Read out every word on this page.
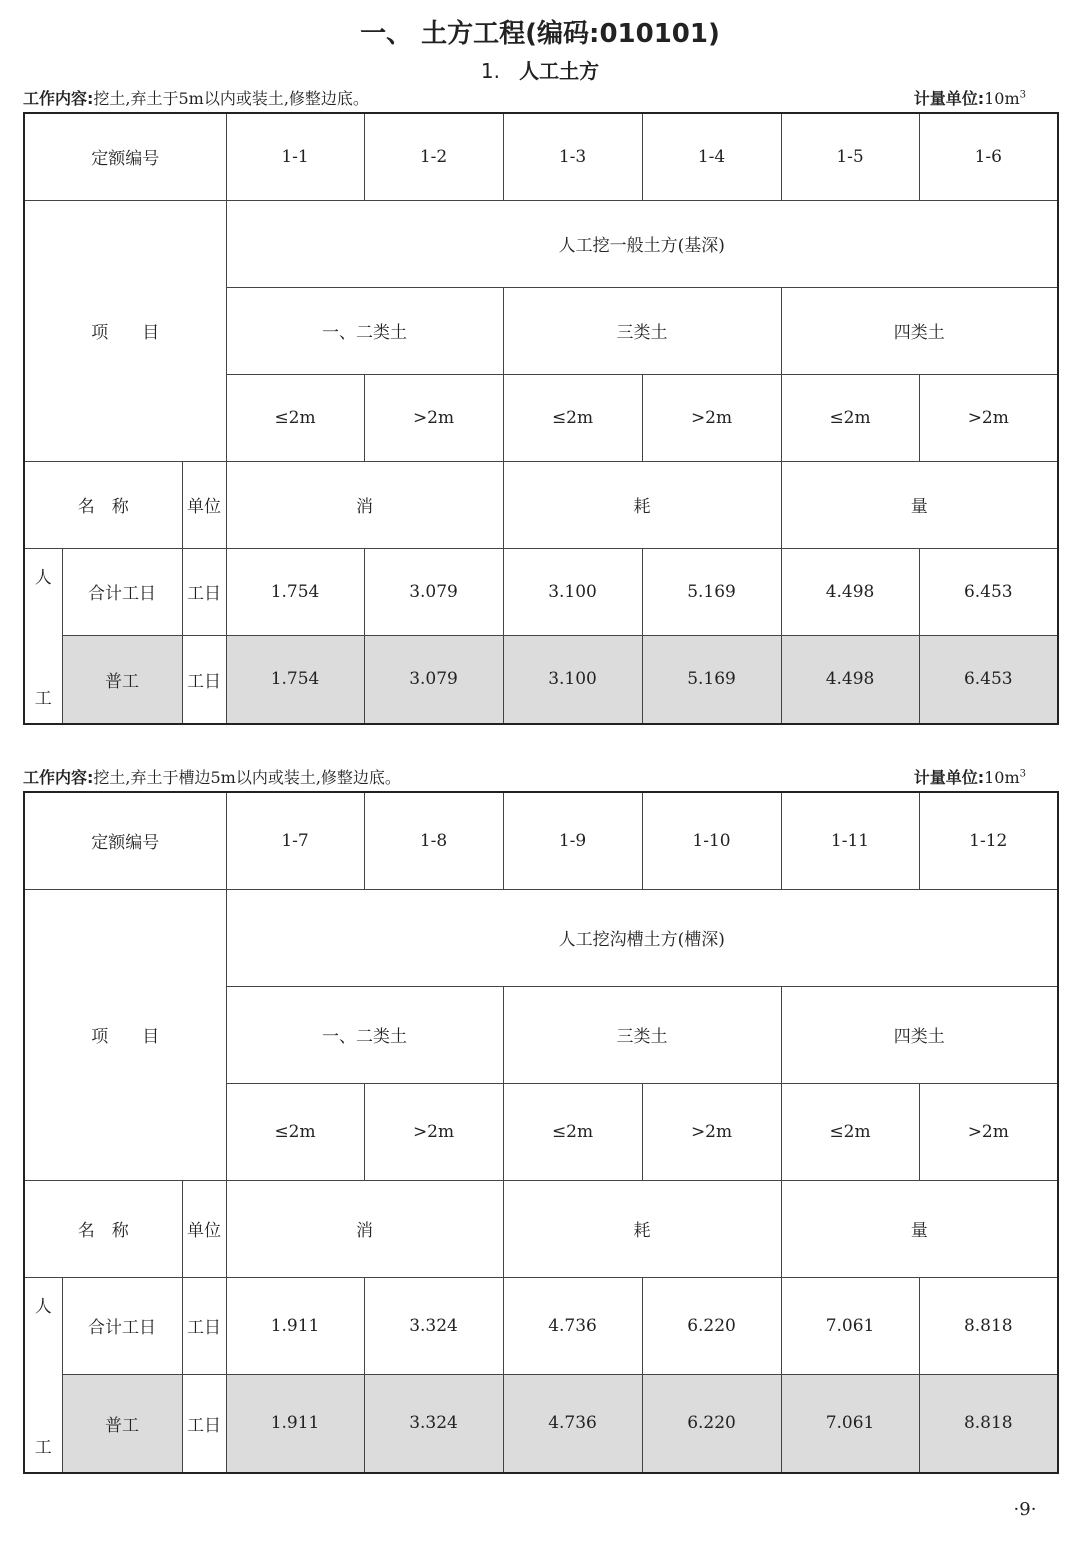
一、 土方工程(编码:010101)
1. 人工土方
工作内容:挖土,弃土于5m以内或装土,修整边底。	计量单位$:10m^3$
定额编号			1-1	1-2	1-3	1-4	1-5	1-6
项　　目			人工挖一般土方(基深)					
			一、二类土		三类土		四类土	
			≤2m	>2m	≤2m	>2m	≤2m	>2m
名　称		单位	消		耗		量	

人
工	合计工日	工日	1.754	3.079	3.100	5.169	4.498	6.453
	普工	工日	1.754	3.079	3.100	5.169	4.498	6.453
工作内容:挖土,弃土于槽边5m以内或装土,修整边底。	计量单位$:10m^3$
定额编号			1-7	1-8	1-9	1-10	1-11	1-12
项　　目			人工挖沟槽土方(槽深)					
			一、二类土		三类土		四类土	
			≤2m	>2m	≤2m	>2m	≤2m	>2m
名　称		单位	消		耗		量	

人
工	合计工日	工日	1.911	3.324	4.736	6.220	7.061	8.818
	普工	工日	1.911	3.324	4.736	6.220	7.061	8.818
·9·
